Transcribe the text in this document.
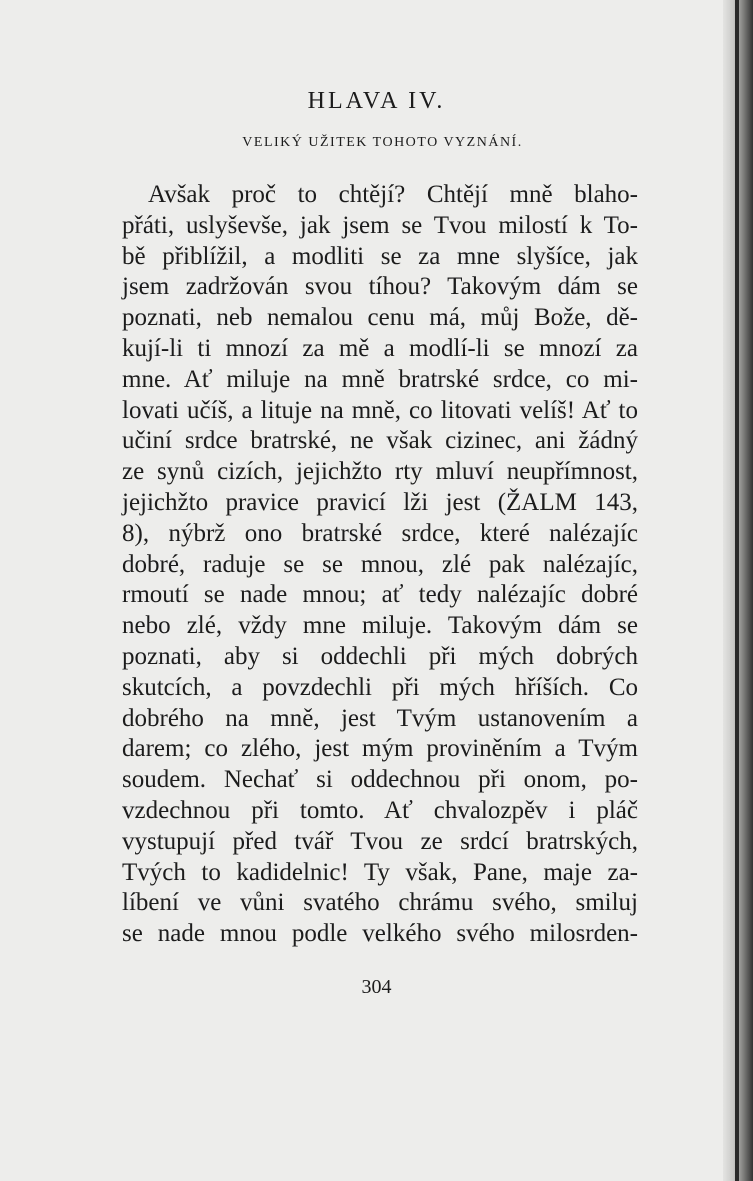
HLAVA IV.
VELIKÝ UŽITEK TOHOTO VYZNÁNÍ.
Avšak proč to chtějí? Chtějí mně blaho-
přáti, uslyševše, jak jsem se Tvou milostí k To-
bě přiblížil, a modliti se za mne slyšíce, jak
jsem zadržován svou tíhou? Takovým dám se
poznati, neb nemalou cenu má, můj Bože, dě-
kují-li ti mnozí za mě a modlí-li se mnozí za
mne. Ať miluje na mně bratrské srdce, co mi-
lovati učíš, a lituje na mně, co litovati velíš! Ať to
učiní srdce bratrské, ne však cizinec, ani žádný
ze synů cizích, jejichžto rty mluví neupřímnost,
jejichžto pravice pravicí lži jest (ŽALM 143,
8), nýbrž ono bratrské srdce, které nalézajíc
dobré, raduje se se mnou, zlé pak nalézajíc,
rmoutí se nade mnou; ať tedy nalézajíc dobré
nebo zlé, vždy mne miluje. Takovým dám se
poznati, aby si oddechli při mých dobrých
skutcích, a povzdechli při mých hříších. Co
dobrého na mně, jest Tvým ustanovením a
darem; co zlého, jest mým proviněním a Tvým
soudem. Nechať si oddechnou při onom, po-
vzdechnou při tomto. Ať chvalozpěv i pláč
vystupují před tvář Tvou ze srdcí bratrských,
Tvých to kadidelnic! Ty však, Pane, maje za-
líbení ve vůni svatého chrámu svého, smiluj
se nade mnou podle velkého svého milosrden-

304
